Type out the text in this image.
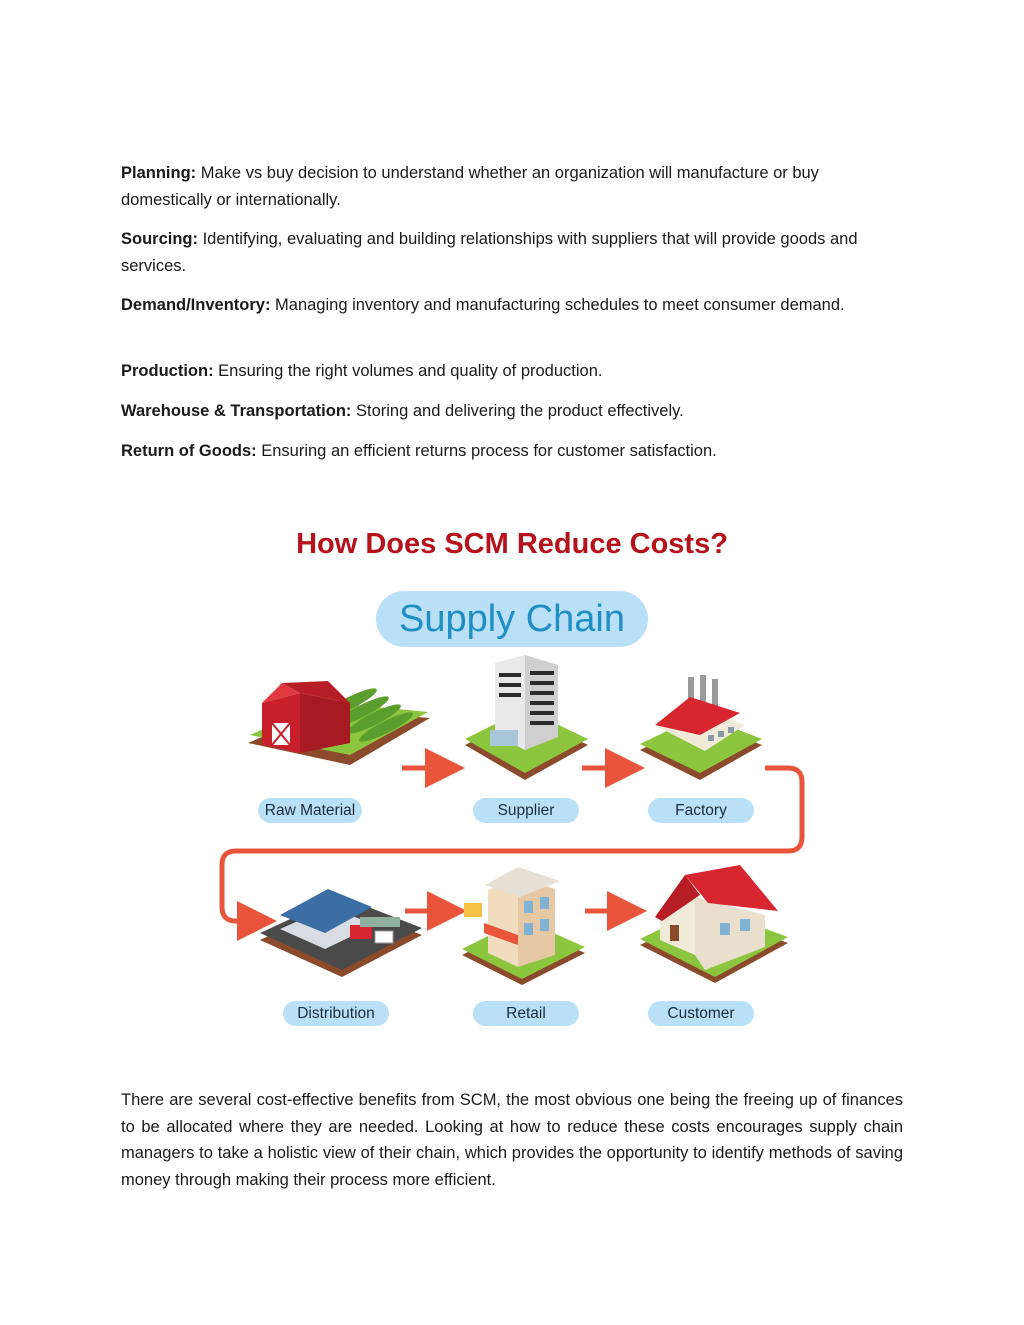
Planning: Make vs buy decision to understand whether an organization will manufacture or buy domestically or internationally.

Sourcing: Identifying, evaluating and building relationships with suppliers that will provide goods and services.

Demand/Inventory: Managing inventory and manufacturing schedules to meet consumer demand.

Production: Ensuring the right volumes and quality of production.

Warehouse & Transportation: Storing and delivering the product effectively.

Return of Goods: Ensuring an efficient returns process for customer satisfaction.

How Does SCM Reduce Costs?
Supply Chain
Raw Material	Supplier	Factory
Distribution	Retail	Customer

There are several cost-effective benefits from SCM, the most obvious one being the freeing up of finances to be allocated where they are needed. Looking at how to reduce these costs encourages supply chain managers to take a holistic view of their chain, which provides the opportunity to identify methods of saving money through making their process more efficient.
